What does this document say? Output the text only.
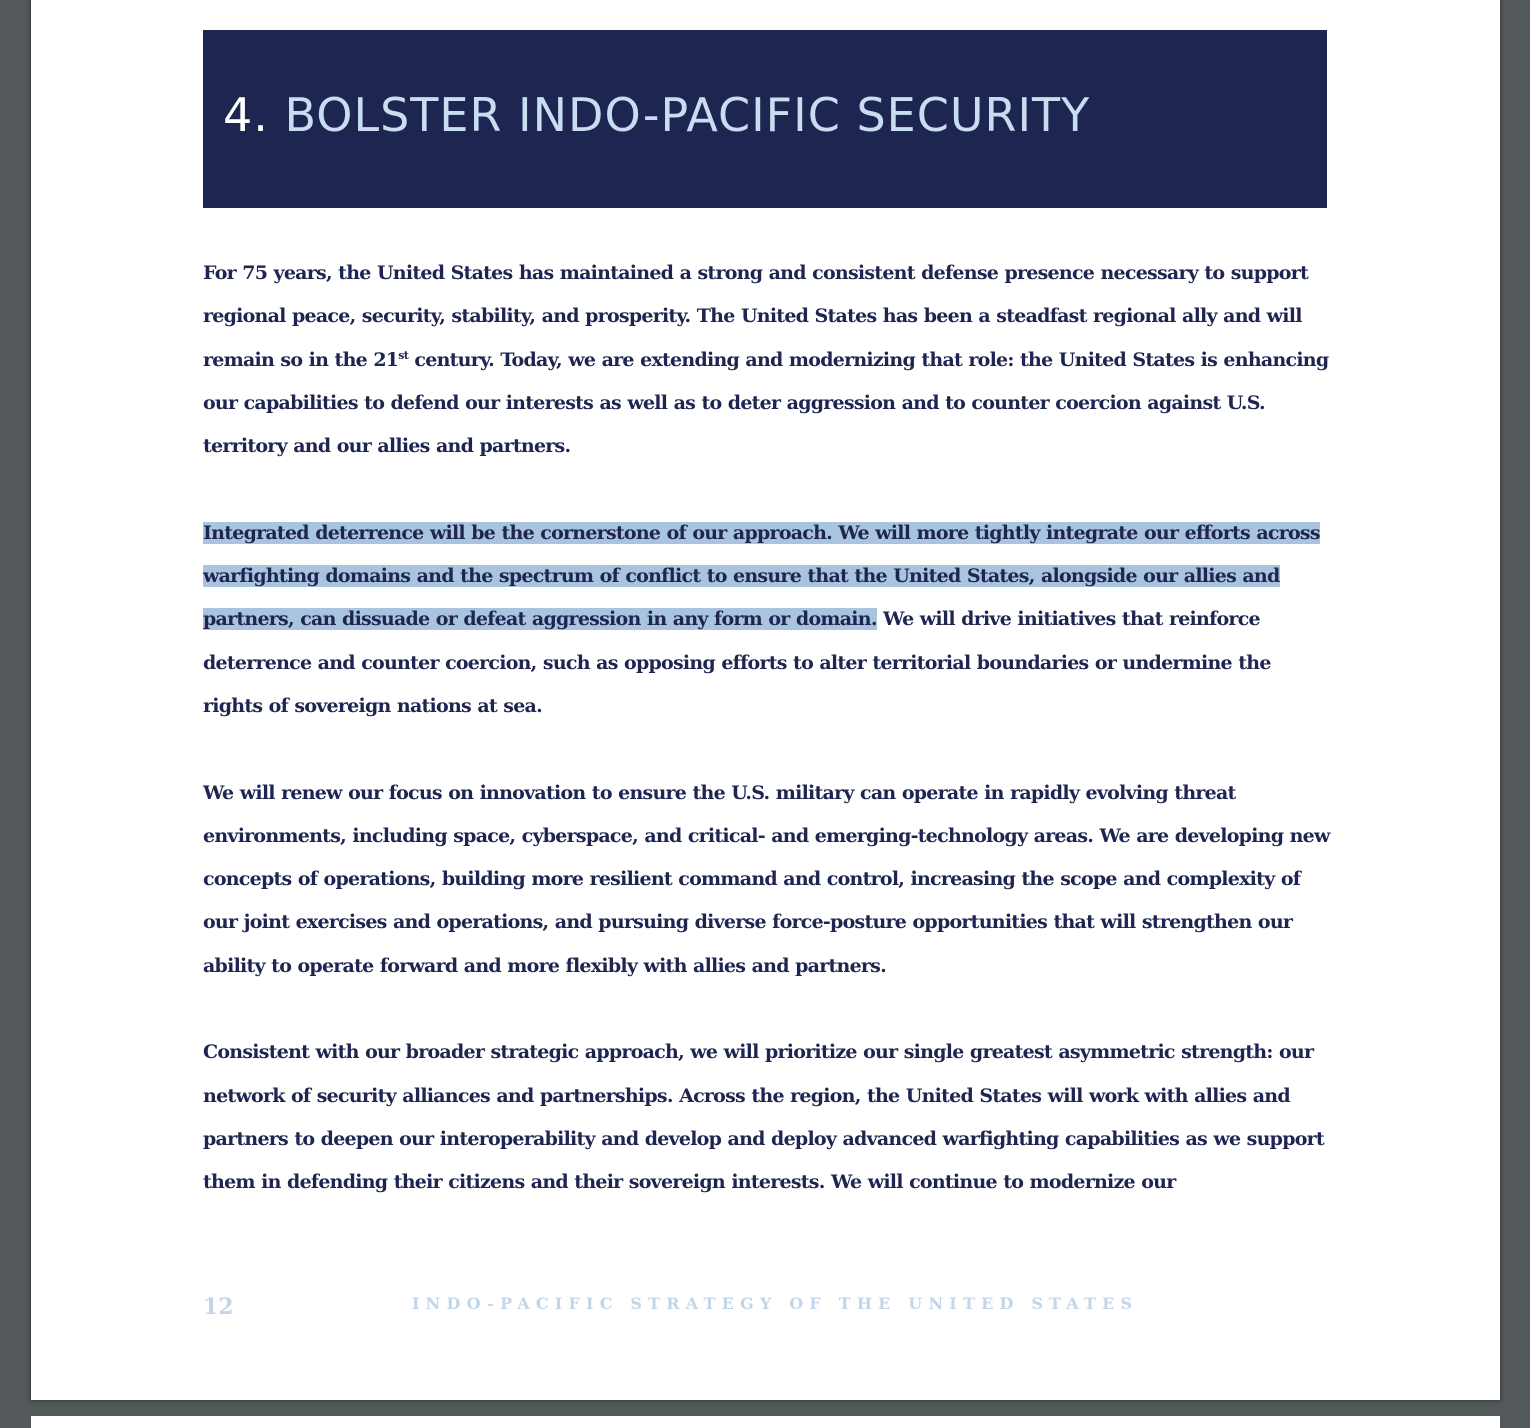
4. BOLSTER INDO-PACIFIC SECURITY

For 75 years, the United States has maintained a strong and consistent defense presence necessary to support regional peace, security, stability, and prosperity. The United States has been a steadfast regional ally and will remain so in the 21st century. Today, we are extending and modernizing that role: the United States is enhancing our capabilities to defend our interests as well as to deter aggression and to counter coercion against U.S. territory and our allies and partners.

Integrated deterrence will be the cornerstone of our approach. We will more tightly integrate our efforts across warfighting domains and the spectrum of conflict to ensure that the United States, alongside our allies and partners, can dissuade or defeat aggression in any form or domain. We will drive initiatives that reinforce deterrence and counter coercion, such as opposing efforts to alter territorial boundaries or undermine the rights of sovereign nations at sea.

We will renew our focus on innovation to ensure the U.S. military can operate in rapidly evolving threat environments, including space, cyberspace, and critical- and emerging-technology areas. We are developing new concepts of operations, building more resilient command and control, increasing the scope and complexity of our joint exercises and operations, and pursuing diverse force-posture opportunities that will strengthen our ability to operate forward and more flexibly with allies and partners.

Consistent with our broader strategic approach, we will prioritize our single greatest asymmetric strength: our network of security alliances and partnerships. Across the region, the United States will work with allies and partners to deepen our interoperability and develop and deploy advanced warfighting capabilities as we support them in defending their citizens and their sovereign interests. We will continue to modernize our

12	INDO-PACIFIC STRATEGY OF THE UNITED STATES
